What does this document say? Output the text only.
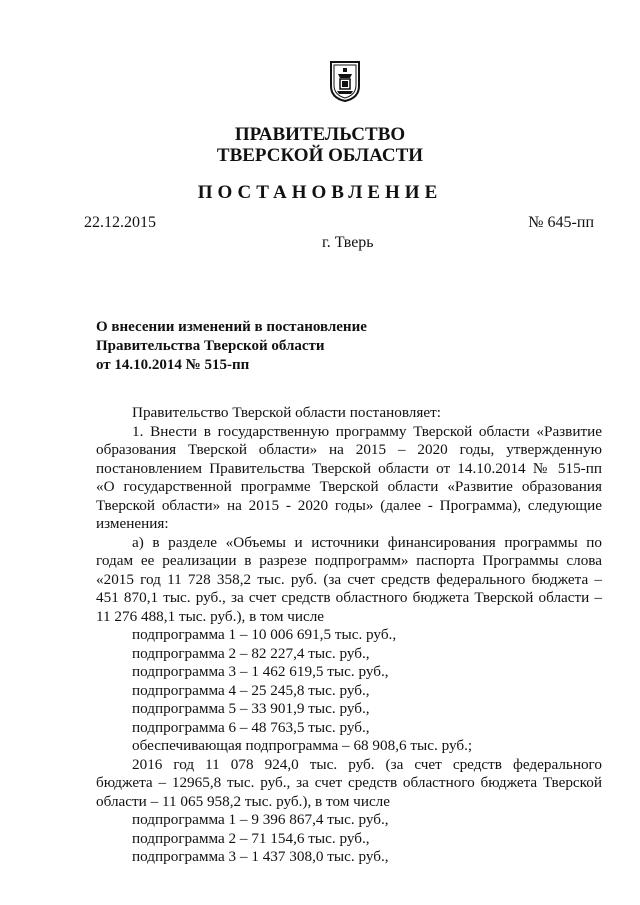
ПРАВИТЕЛЬСТВО
ТВЕРСКОЙ ОБЛАСТИ
ПОСТАНОВЛЕНИЕ
22.12.2015	№ 645-пп
г. Тверь
О внесении изменений в постановление
Правительства Тверской области
от 14.10.2014 № 515-пп
Правительство Тверской области постановляет:
1. Внести в государственную программу Тверской области «Развитие
образования Тверской области» на 2015 – 2020 годы, утвержденную
постановлением Правительства Тверской области от 14.10.2014 № 515-пп
«О государственной программе Тверской области «Развитие образования
Тверской области» на 2015 - 2020 годы» (далее - Программа), следующие
изменения:
а) в разделе «Объемы и источники финансирования программы по
годам ее реализации в разрезе подпрограмм» паспорта Программы слова
«2015 год 11 728 358,2 тыс. руб. (за счет средств федерального бюджета –
451 870,1 тыс. руб., за счет средств областного бюджета Тверской области –
11 276 488,1 тыс. руб.), в том числе
подпрограмма 1 – 10 006 691,5 тыс. руб.,
подпрограмма 2 – 82 227,4 тыс. руб.,
подпрограмма 3 – 1 462 619,5 тыс. руб.,
подпрограмма 4 – 25 245,8 тыс. руб.,
подпрограмма 5 – 33 901,9 тыс. руб.,
подпрограмма 6 – 48 763,5 тыс. руб.,
обеспечивающая подпрограмма – 68 908,6 тыс. руб.;
2016 год 11 078 924,0 тыс. руб. (за счет средств федерального
бюджета – 12965,8 тыс. руб., за счет средств областного бюджета Тверской
области – 11 065 958,2 тыс. руб.), в том числе
подпрограмма 1 – 9 396 867,4 тыс. руб.,
подпрограмма 2 – 71 154,6 тыс. руб.,
подпрограмма 3 – 1 437 308,0 тыс. руб.,
